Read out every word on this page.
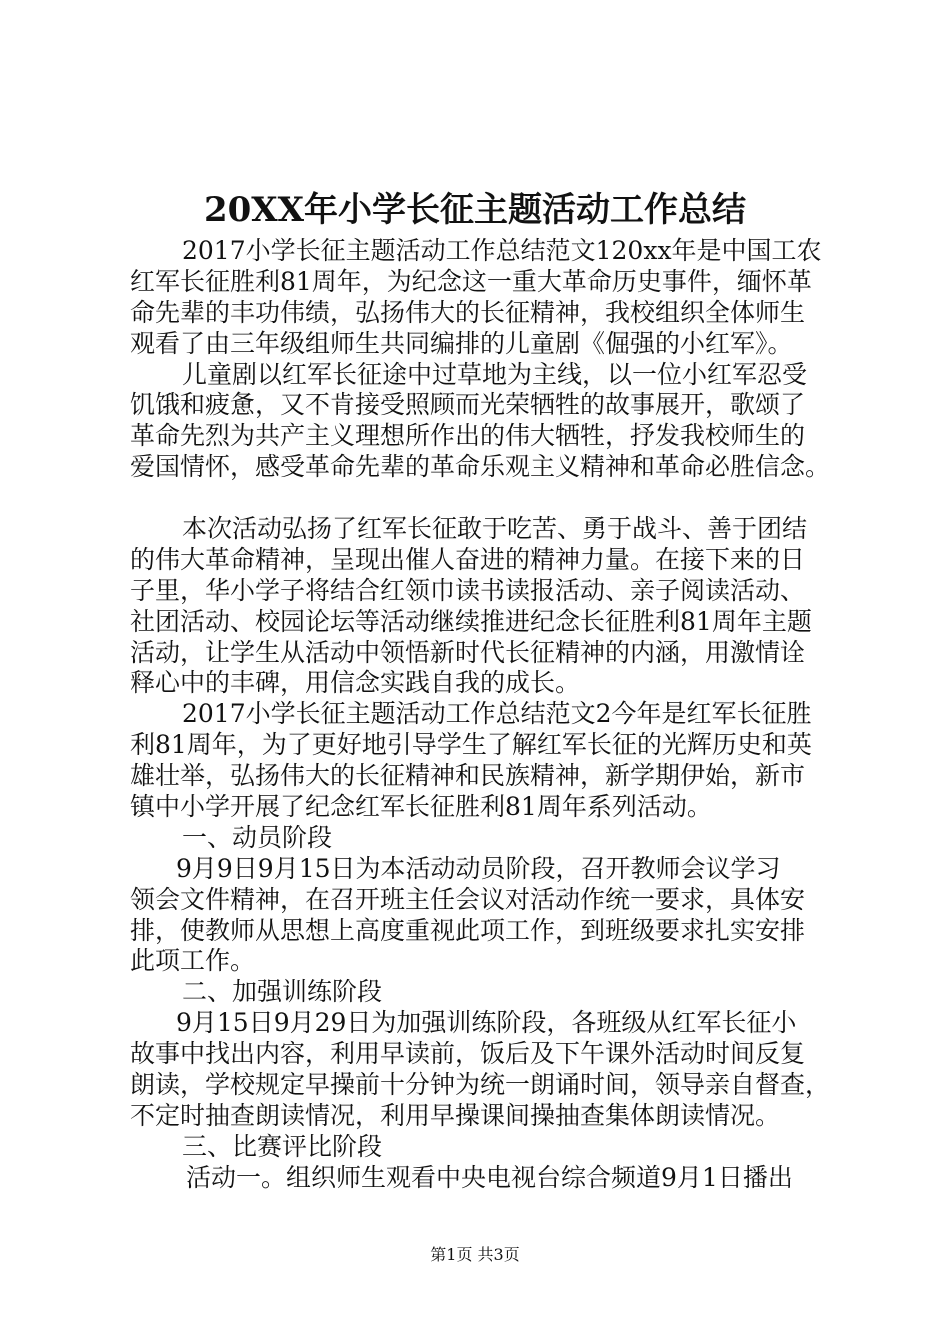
20XX年小学长征主题活动工作总结
2017小学长征主题活动工作总结范文120xx年是中国工农
红军长征胜利81周年，为纪念这一重大革命历史事件，缅怀革
命先辈的丰功伟绩，弘扬伟大的长征精神，我校组织全体师生
观看了由三年级组师生共同编排的儿童剧《倔强的小红军》。
儿童剧以红军长征途中过草地为主线，以一位小红军忍受
饥饿和疲惫，又不肯接受照顾而光荣牺牲的故事展开，歌颂了
革命先烈为共产主义理想所作出的伟大牺牲，抒发我校师生的
爱国情怀，感受革命先辈的革命乐观主义精神和革命必胜信念。
本次活动弘扬了红军长征敢于吃苦、勇于战斗、善于团结
的伟大革命精神，呈现出催人奋进的精神力量。在接下来的日
子里，华小学子将结合红领巾读书读报活动、亲子阅读活动、
社团活动、校园论坛等活动继续推进纪念长征胜利81周年主题
活动，让学生从活动中领悟新时代长征精神的内涵，用激情诠
释心中的丰碑，用信念实践自我的成长。
2017小学长征主题活动工作总结范文2今年是红军长征胜
利81周年，为了更好地引导学生了解红军长征的光辉历史和英
雄壮举，弘扬伟大的长征精神和民族精神，新学期伊始，新市
镇中小学开展了纪念红军长征胜利81周年系列活动。
一、动员阶段
9月9日9月15日为本活动动员阶段，召开教师会议学习
领会文件精神，在召开班主任会议对活动作统一要求，具体安
排，使教师从思想上高度重视此项工作，到班级要求扎实安排
此项工作。
二、加强训练阶段
9月15日9月29日为加强训练阶段，各班级从红军长征小
故事中找出内容，利用早读前，饭后及下午课外活动时间反复
朗读，学校规定早操前十分钟为统一朗诵时间，领导亲自督查，
不定时抽查朗读情况，利用早操课间操抽查集体朗读情况。
三、比赛评比阶段
活动一。组织师生观看中央电视台综合频道9月1日播出
第1页 共3页
